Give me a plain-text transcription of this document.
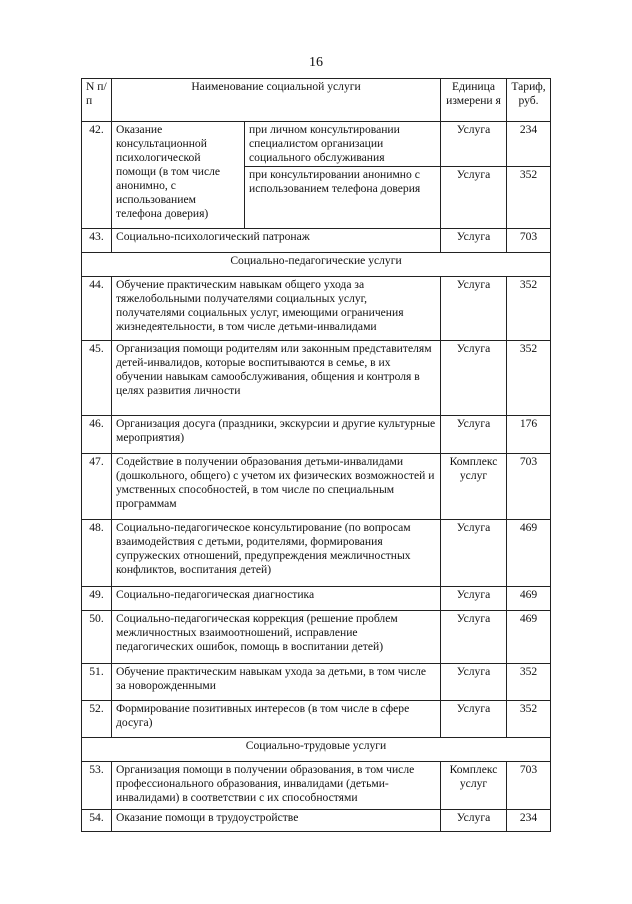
16
N п/п	Наименование социальной услуги		Единица измерени я	Тариф, руб.
42.	Оказание консультационной психологической помощи (в том числе анонимно, с использованием телефона доверия)	при личном консультировании специалистом организации социального обслуживания	Услуга	234
		при консультировании анонимно с использованием телефона доверия	Услуга	352
43.	Социально-психологический патронаж		Услуга	703
Социально-педагогические услуги				
44.	Обучение практическим навыкам общего ухода за тяжелобольными получателями социальных услуг, получателями социальных услуг, имеющими ограничения жизнедеятельности, в том числе детьми-инвалидами		Услуга	352
45.	Организация помощи родителям или законным представителям детей-инвалидов, которые воспитываются в семье, в их обучении навыкам самообслуживания, общения и контроля в целях развития личности		Услуга	352
46.	Организация досуга (праздники, экскурсии и другие культурные мероприятия)		Услуга	176
47.	Содействие в получении образования детьми-инвалидами (дошкольного, общего) с учетом их физических возможностей и умственных способностей, в том числе по специальным программам		Комплекс услуг	703
48.	Социально-педагогическое консультирование (по вопросам взаимодействия с детьми, родителями, формирования супружеских отношений, предупреждения межличностных конфликтов, воспитания детей)		Услуга	469
49.	Социально-педагогическая диагностика		Услуга	469
50.	Социально-педагогическая коррекция (решение проблем межличностных взаимоотношений, исправление педагогических ошибок, помощь в воспитании детей)		Услуга	469
51.	Обучение практическим навыкам ухода за детьми, в том числе за новорожденными		Услуга	352
52.	Формирование позитивных интересов (в том числе в сфере досуга)		Услуга	352
Социально-трудовые услуги				
53.	Организация помощи в получении образования, в том числе профессионального образования, инвалидами (детьми-инвалидами) в соответствии с их способностями		Комплекс услуг	703
54.	Оказание помощи в трудоустройстве		Услуга	234
